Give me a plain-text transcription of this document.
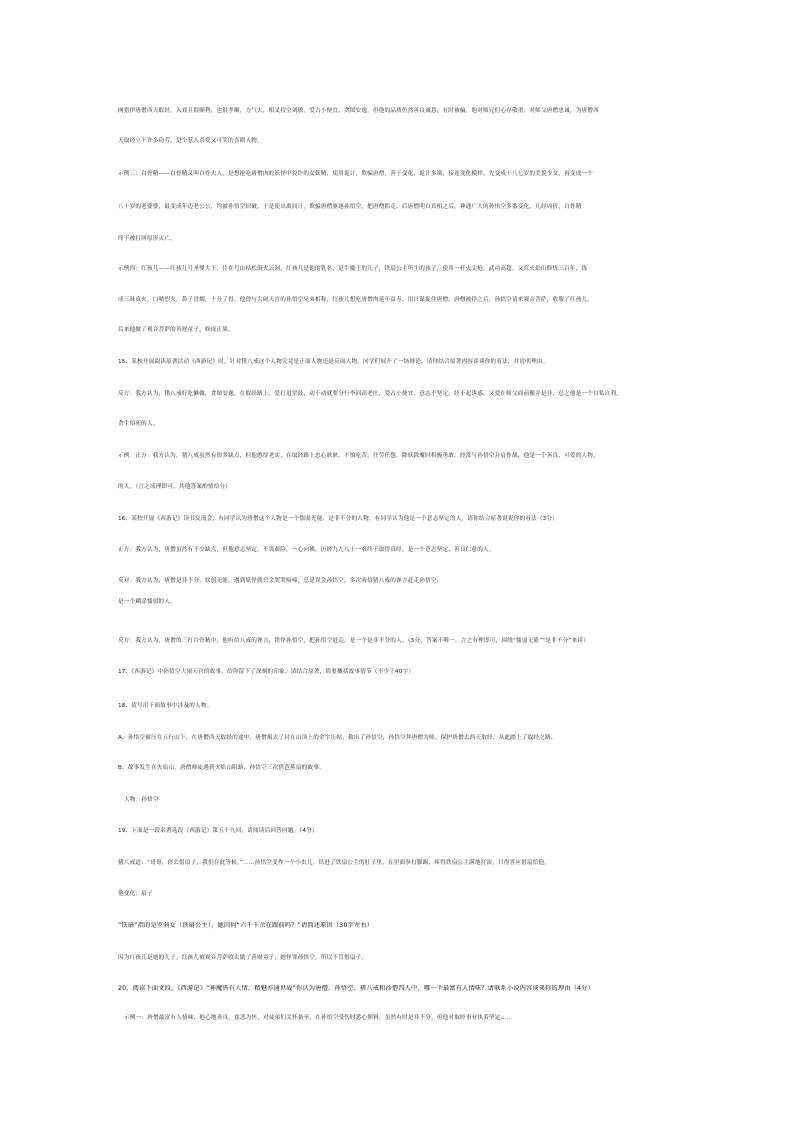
网猎伊唐僧西天取经。入戏且很顺利，也很孝顺，力气大，相叉持空刘敏，爱占小便宜，贪图安逸，但他的品质仍然善良诚恳，有时被骗，他对师兄们心存敬重，对师父唐僧忠诚，为唐僧西
天取经立下许多功劳，是个惹人喜爱又可笑的喜剧人物。
示例三：白骨精——白骨精又叫白骨夫人，是想抢吃唐僧肉的妖怪中狡诈的女妖精，使用诡计，欺骗唐僧，善于变化，诡计多端，接连变化模样，先变成十八七岁的美貌少女，再变成一个
八十岁的老婆婆，最变成年迈老公公，均被孙悟空识破，于是使出离间计，欺骗唐僧驱逐孙悟空，把唐僧抓走，后唐僧明白真相之后，神通广大的孙悟空多番变化，几经周折，白骨精
终于被打回原形灭亡。
示例四：红孩儿——红孩儿号圣婴大王，住在号山枯松涧火云洞，红孩儿是他的乳名，是牛魔王的儿子，铁扇公主所生的孩子，使用一杆火尖枪，武功高超，又在火焰山修炼三百年，练
成三昧真火，口喷烈火，鼻子冒烟，十分了得，他曾与大闹天宫的孙悟空兄弟相称，红孩儿想吃唐僧肉延年益寿，用计谋捉住唐僧，唐僧被俘之后，孙悟空请来观音菩萨，收服了红孩儿。
后来他做了观音菩萨的善财童子，修成正果。
15、某校开展阅读原著活动《西游记》时，针对猪八戒这个人物究竟是正面人物还是反面人物，同学们展开了一场辩论，请你结合原著内容谈谈你的看法，并说明理由。
反方：我方认为，猪八戒好吃懒做，贪图安逸，在取经路上，爱打退堂鼓，动不动就要分行李回高老庄，爱占小便宜，意志不坚定，经不起诱惑，又爱在师父面前搬弄是非，总之他是一个自私自利，
贪生怕死的人。
示例：正方：我方认为，猪八戒虽然有很多缺点，但他憨厚老实，在取经路上忠心耿耿，不怕吃苦，任劳任怨，降妖除魔时积极勇敢，经常与孙悟空并肩作战，他是一个善良、可爱的人物，
的人。（言之成理即可，其他答案酌情给分）
16、某校开展《西游记》读书交流会，有同学认为唐僧这个人物是一个懦弱无能、是非不分的人物，有同学认为他是一个意志坚定的人，请你结合原著说说你的看法（3分）
正方：我方认为，唐僧虽然有不少缺点，但他意志坚定，不畏艰险，一心向佛，历经九九八十一难终于取得真经，是一个意志坚定、善良仁慈的人。
反对：我方认为，唐僧是非不分，软弱无能，遇到妖怪就只会哭哭啼啼，总是误会孙悟空，多次听信猪八戒的谗言赶走孙悟空，
是一个糊涂懦弱的人。
反方：我方认为，唐僧的三打白骨精中，他听信八戒的谗言，错怪孙悟空，把孙悟空赶走，是一个是非不分的人。（3分，答案不唯一，言之有理即可，围绕“懦弱无能”“是非不分”来谈）
17、《西游记》中孙悟空大闹天宫的故事，给你留下了深刻的印象，请结合原著，简要概括故事情节（不少于40字）
18、请写出下面故事中涉及的人物。
A、孙悟空被压在五行山下，在唐僧西天取经的途中，唐僧揭去了封在山顶上的金字压帖，救出了孙悟空，孙悟空拜唐僧为师，保护唐僧去西天取经，从此踏上了取经之路。
B、故事发生在火焰山，唐僧师徒遇到火焰山阻路，孙悟空三次借芭蕉扇的故事。
人物：孙悟空
19、下面是一段名著选段《西游记》第五十九回，请阅读后回答问题。（4分）
猪八戒道：“哥哥，你去借扇子，我们在此等候。”……孙悟空变作一个小虫儿，钻进了铁扇公主的肚子里，在里面拳打脚踢，疼得铁扇公主满地打滚，只得答应借扇给他。
他变化：扇子
“铁扇”指的是罗刹女（铁扇公主），她因何“六千千余在跟前吗？”请简述原因（30字左右）
因为红孩儿是她的儿子，红孩儿被观音菩萨收去做了善财童子，她怪罪孙悟空，所以不肯借扇子。
20、阅读下面文段，《西游记》“神魔皆有人情，精魅亦通世故”你认为唐僧、孙悟空、猪八戒和沙僧四人中，哪一个最富有人情味？请联系小说内容谈谈你的理由（4分）
示例一：唐僧最富有人情味，他心地善良，慈悲为怀，对徒弟们关怀备至，在孙悟空受伤时悉心照料，虽然有时是非不分，但他对取经事业执着坚定……
